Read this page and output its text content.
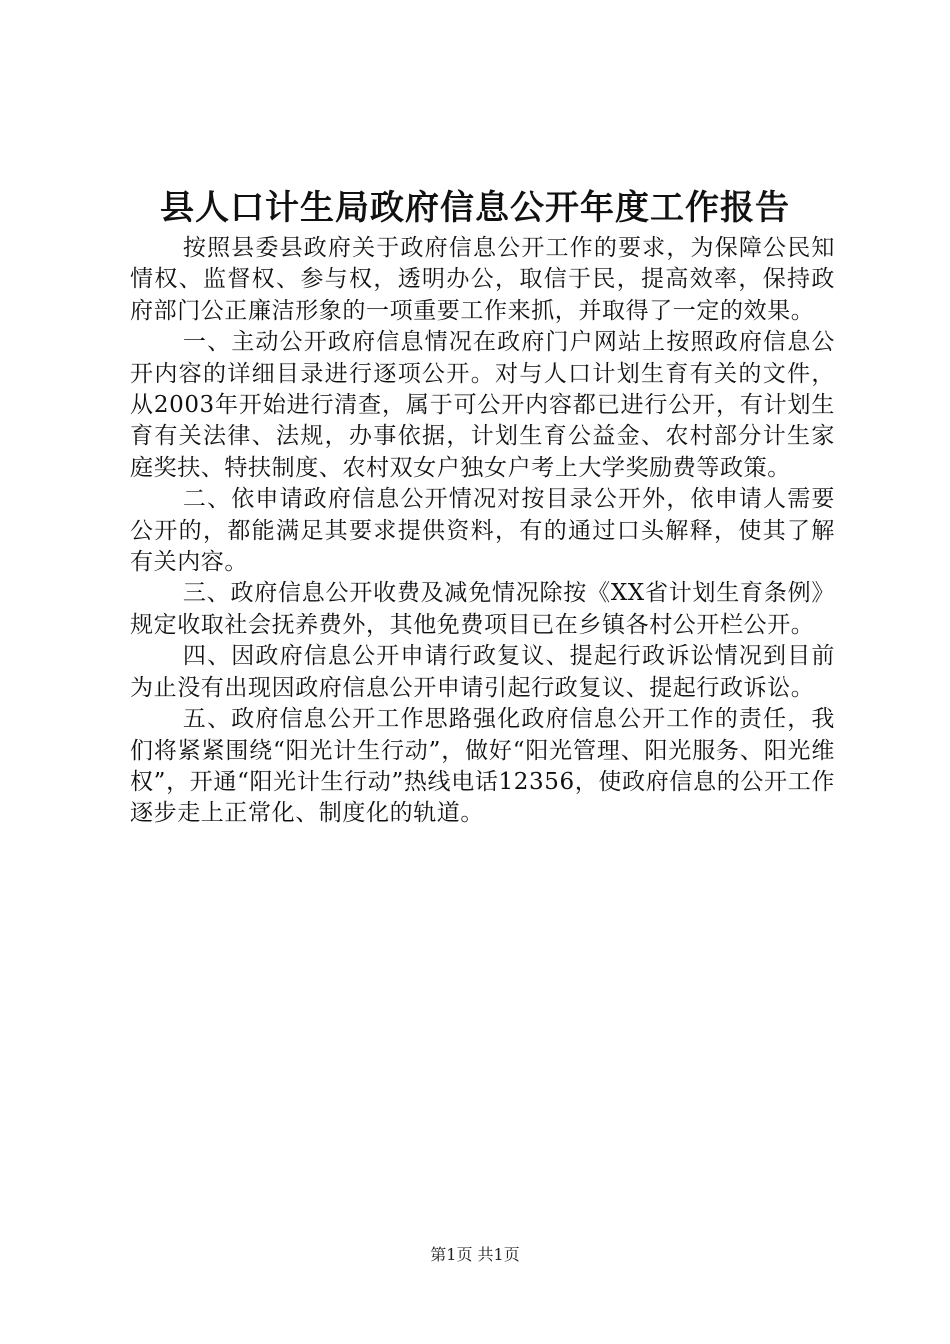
县人口计生局政府信息公开年度工作报告

按照县委县政府关于政府信息公开工作的要求，为保障公民知情权、监督权、参与权，透明办公，取信于民，提高效率，保持政府部门公正廉洁形象的一项重要工作来抓，并取得了一定的效果。

一、主动公开政府信息情况在政府门户网站上按照政府信息公开内容的详细目录进行逐项公开。对与人口计划生育有关的文件，从2003年开始进行清查，属于可公开内容都已进行公开，有计划生育有关法律、法规，办事依据，计划生育公益金、农村部分计生家庭奖扶、特扶制度、农村双女户独女户考上大学奖励费等政策。

二、依申请政府信息公开情况对按目录公开外，依申请人需要公开的，都能满足其要求提供资料，有的通过口头解释，使其了解有关内容。

三、政府信息公开收费及减免情况除按《XX省计划生育条例》规定收取社会抚养费外，其他免费项目已在乡镇各村公开栏公开。

四、因政府信息公开申请行政复议、提起行政诉讼情况到目前为止没有出现因政府信息公开申请引起行政复议、提起行政诉讼。

五、政府信息公开工作思路强化政府信息公开工作的责任，我们将紧紧围绕“阳光计生行动”，做好“阳光管理、阳光服务、阳光维权”，开通“阳光计生行动”热线电话12356，使政府信息的公开工作逐步走上正常化、制度化的轨道。

第1页 共1页
